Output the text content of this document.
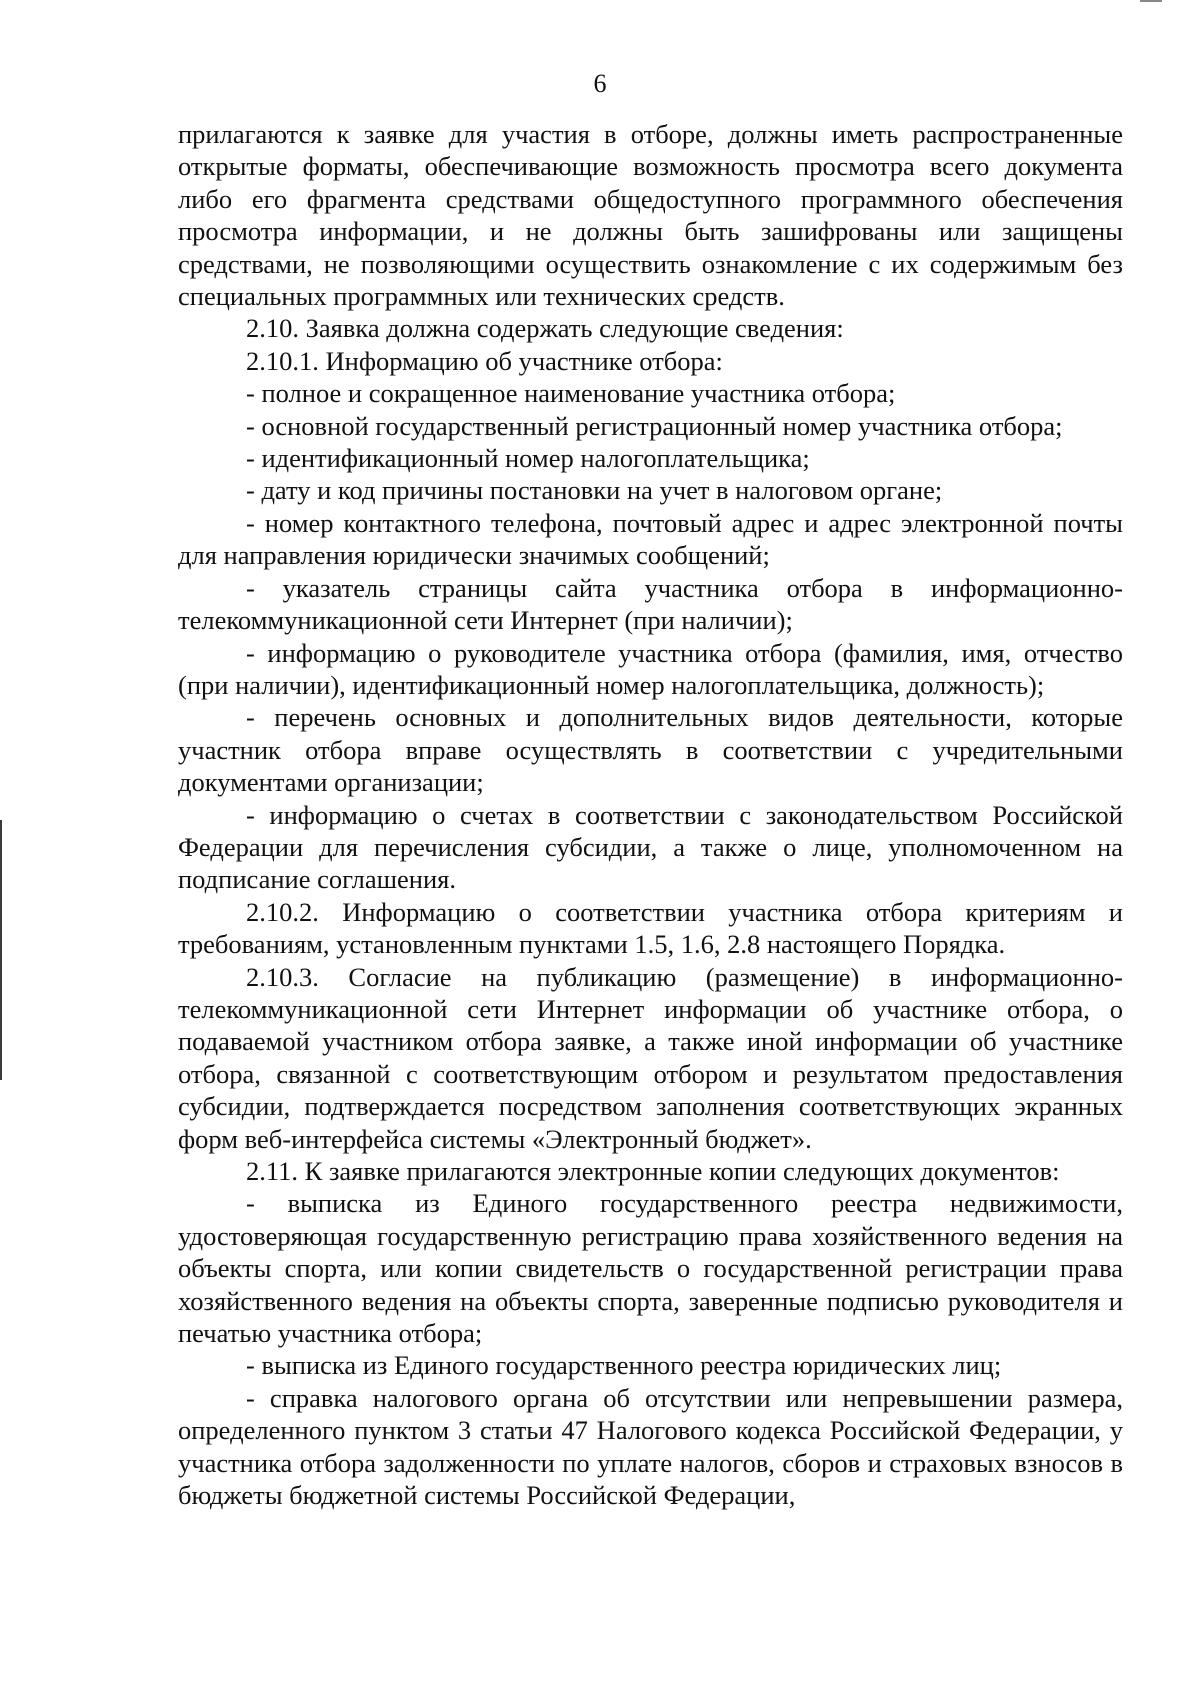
6

прилагаются к заявке для участия в отборе, должны иметь распространенные открытые форматы, обеспечивающие возможность просмотра всего документа либо его фрагмента средствами общедоступного программного обеспечения просмотра информации, и не должны быть зашифрованы или защищены средствами, не позволяющими осуществить ознакомление с их содержимым без специальных программных или технических средств.

2.10. Заявка должна содержать следующие сведения:

2.10.1. Информацию об участнике отбора:

- полное и сокращенное наименование участника отбора;

- основной государственный регистрационный номер участника отбора;

- идентификационный номер налогоплательщика;

- дату и код причины постановки на учет в налоговом органе;

- номер контактного телефона, почтовый адрес и адрес электронной почты для направления юридически значимых сообщений;

- указатель страницы сайта участника отбора в информационно-телекоммуникационной сети Интернет (при наличии);

- информацию о руководителе участника отбора (фамилия, имя, отчество (при наличии), идентификационный номер налогоплательщика, должность);

- перечень основных и дополнительных видов деятельности, которые участник отбора вправе осуществлять в соответствии с учредительными документами организации;

- информацию о счетах в соответствии с законодательством Российской Федерации для перечисления субсидии, а также о лице, уполномоченном на подписание соглашения.

2.10.2. Информацию о соответствии участника отбора критериям и требованиям, установленным пунктами 1.5, 1.6, 2.8 настоящего Порядка.

2.10.3. Согласие на публикацию (размещение) в информационно-телекоммуникационной сети Интернет информации об участнике отбора, о подаваемой участником отбора заявке, а также иной информации об участнике отбора, связанной с соответствующим отбором и результатом предоставления субсидии, подтверждается посредством заполнения соответствующих экранных форм веб-интерфейса системы «Электронный бюджет».

2.11. К заявке прилагаются электронные копии следующих документов:

- выписка из Единого государственного реестра недвижимости, удостоверяющая государственную регистрацию права хозяйственного ведения на объекты спорта, или копии свидетельств о государственной регистрации права хозяйственного ведения на объекты спорта, заверенные подписью руководителя и печатью участника отбора;

- выписка из Единого государственного реестра юридических лиц;

- справка налогового органа об отсутствии или непревышении размера, определенного пунктом 3 статьи 47 Налогового кодекса Российской Федерации, у участника отбора задолженности по уплате налогов, сборов и страховых взносов в бюджеты бюджетной системы Российской Федерации,
